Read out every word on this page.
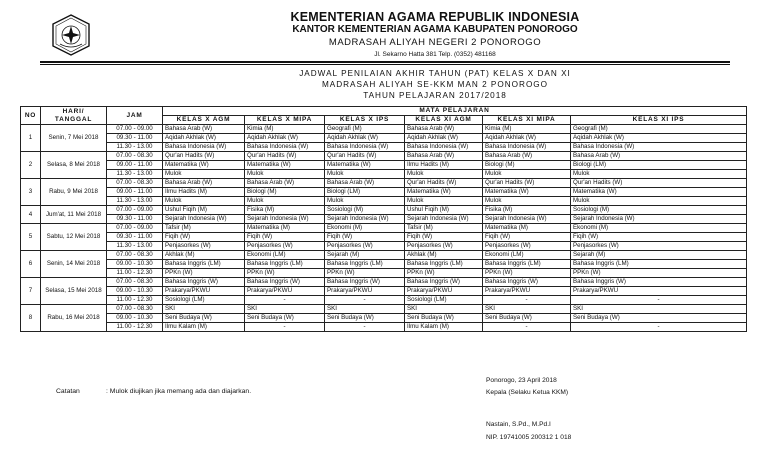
KEMENTERIAN AGAMA REPUBLIK INDONESIA
KANTOR KEMENTERIAN AGAMA KABUPATEN PONOROGO
MADRASAH ALIYAH NEGERI 2 PONOROGO
Jl. Sekarno Hatta 381 Telp. (0352) 481168
JADWAL PENILAIAN AKHIR TAHUN (PAT) KELAS X DAN XI
MADRASAH ALIYAH SE-KKM MAN 2 PONOROGO
TAHUN PELAJARAN 2017/2018
NO	HARI/ TANGGAL	JAM	MATA PELAJARAN					
			KELAS X AGM	KELAS X MIPA	KELAS X IPS	KELAS XI AGM	KELAS XI MIPA	KELAS XI IPS
1	Senin, 7 Mei 2018	07.00 - 09.00	Bahasa Arab (W)	Kimia (M)	Geografi (M)	Bahasa Arab (W)	Kimia (M)	Geografi (M)
		09.30 - 11.00	Aqidah Akhlak (W)	Aqidah Akhlak (W)	Aqidah Akhlak (W)	Aqidah Akhlak (W)	Aqidah Akhlak (W)	Aqidah Akhlak (W)
		11.30 - 13.00	Bahasa Indonesia (W)	Bahasa Indonesia (W)	Bahasa Indonesia (W)	Bahasa Indonesia (W)	Bahasa Indonesia (W)	Bahasa Indonesia (W)
2	Selasa, 8 Mei 2018	07.00 - 08.30	Qur'an Hadits (W)	Qur'an Hadits (W)	Qur'an Hadits (W)	Bahasa Arab (W)	Bahasa Arab (W)	Bahasa Arab (W)
		09.00 - 11.00	Matematika (W)	Matematika (W)	Matematika (W)	Ilmu Hadits (M)	Biologi (M)	Biologi (LM)
		11.30 - 13.00	Mulok	Mulok	Mulok	Mulok	Mulok	Mulok
3	Rabu, 9 Mei 2018	07.00 - 08.30	Bahasa Arab (W)	Bahasa Arab (W)	Bahasa Arab (W)	Qur'an Hadits (W)	Qur'an Hadits (W)	Qur'an Hadits (W)
		09.00 - 11.00	Ilmu Hadits (M)	Biologi (M)	Biologi (LM)	Matematika (W)	Matematika (W)	Matematika (W)
		11.30 - 13.00	Mulok	Mulok	Mulok	Mulok	Mulok	Mulok
4	Jum'at, 11 Mei 2018	07.00 - 09.00	Ushul Fiqih (M)	Fisika (M)	Sosiologi (M)	Ushul Fiqih (M)	Fisika (M)	Sosiologi (M)
		09.30 - 11.00	Sejarah Indonesia (W)	Sejarah Indonesia (W)	Sejarah Indonesia (W)	Sejarah Indonesia (W)	Sejarah Indonesia (W)	Sejarah Indonesia (W)
5	Sabtu, 12 Mei 2018	07.00 - 09.00	Tafsir (M)	Matematika (M)	Ekonomi (M)	Tafsir (M)	Matematika (M)	Ekonomi (M)
		09.30 - 11.00	Fiqih (W)	Fiqih (W)	Fiqih (W)	Fiqih (W)	Fiqih (W)	Fiqih (W)
		11.30 - 13.00	Penjasorkes (W)	Penjasorkes (W)	Penjasorkes (W)	Penjasorkes (W)	Penjasorkes (W)	Penjasorkes (W)
6	Senin, 14 Mei 2018	07.00 - 08.30	Akhlak (M)	Ekonomi (LM)	Sejarah (M)	Akhlak (M)	Ekonomi (LM)	Sejarah (M)
		09.00 - 10.30	Bahasa Inggris (LM)	Bahasa Inggris (LM)	Bahasa Inggris (LM)	Bahasa Inggris (LM)	Bahasa Inggris (LM)	Bahasa Inggris (LM)
		11.00 - 12.30	PPKn (W)	PPKn (W)	PPKn (W)	PPKn (W)	PPKn (W)	PPKn (W)
7	Selasa, 15 Mei 2018	07.00 - 08.30	Bahasa Inggris (W)	Bahasa Inggris (W)	Bahasa Inggris (W)	Bahasa Inggris (W)	Bahasa Inggris (W)	Bahasa Inggris (W)
		09.00 - 10.30	Prakarya/PKWU	Prakarya/PKWU	Prakarya/PKWU	Prakarya/PKWU	Prakarya/PKWU	Prakarya/PKWU
		11.00 - 12.30	Sosiologi (LM)	-	-	Sosiologi (LM)	-	-
8	Rabu, 16 Mei 2018	07.00 - 08.30	SKI	SKI	SKI	SKI	SKI	SKI
		09.00 - 10.30	Seni Budaya (W)	Seni Budaya (W)	Seni Budaya (W)	Seni Budaya (W)	Seni Budaya (W)	Seni Budaya (W)
		11.00 - 12.30	Ilmu Kalam (M)	-	-	Ilmu Kalam (M)	-	-
Catatan	: Mulok diujikan jika memang ada dan diajarkan.
Ponorogo, 23 April 2018
Kepala (Selaku Ketua KKM)
Nastain, S.Pd., M.Pd.I
NIP. 19741005 200312 1 018
